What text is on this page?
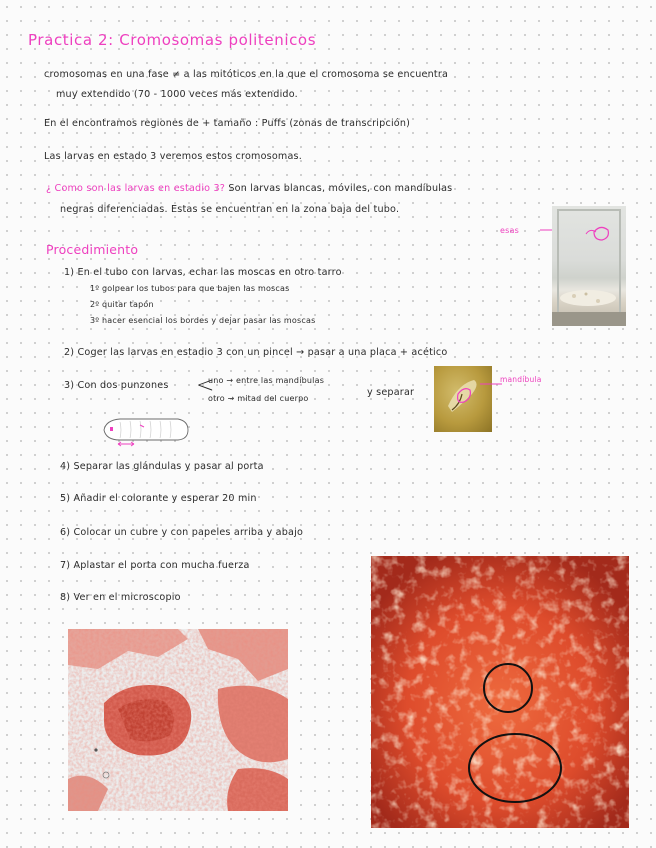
Practica 2: Cromosomas politenicos
cromosomas en una fase ≠ a las mitóticos en la que el cromosoma se encuentra
muy extendido (70 - 1000 veces más extendido.
En el encontramos regiones de + tamaño : Puffs (zonas de transcripción)
Las larvas en estado 3 veremos estos cromosomas.
¿ Como son las larvas en estadio 3? Son larvas blancas, móviles, con mandíbulas
negras diferenciadas. Estas se encuentran en la zona baja del tubo.
esas
Procedimiento
1) En el tubo con larvas, echar las moscas en otro tarro
1º golpear los tubos para que bajen las moscas
2º quitar tapón
3º hacer esencial los bordes y dejar pasar las moscas
2) Coger las larvas en estadio 3 con un pincel → pasar a una placa + acético
3) Con dos punzones <
uno → entre las mandíbulas
otro → mitad del cuerpo
y separar
mandíbula
4) Separar las glándulas y pasar al porta
5) Añadir el colorante y esperar 20 min
6) Colocar un cubre y con papeles arriba y abajo
7) Aplastar el porta con mucha fuerza
8) Ver en el microscopio
